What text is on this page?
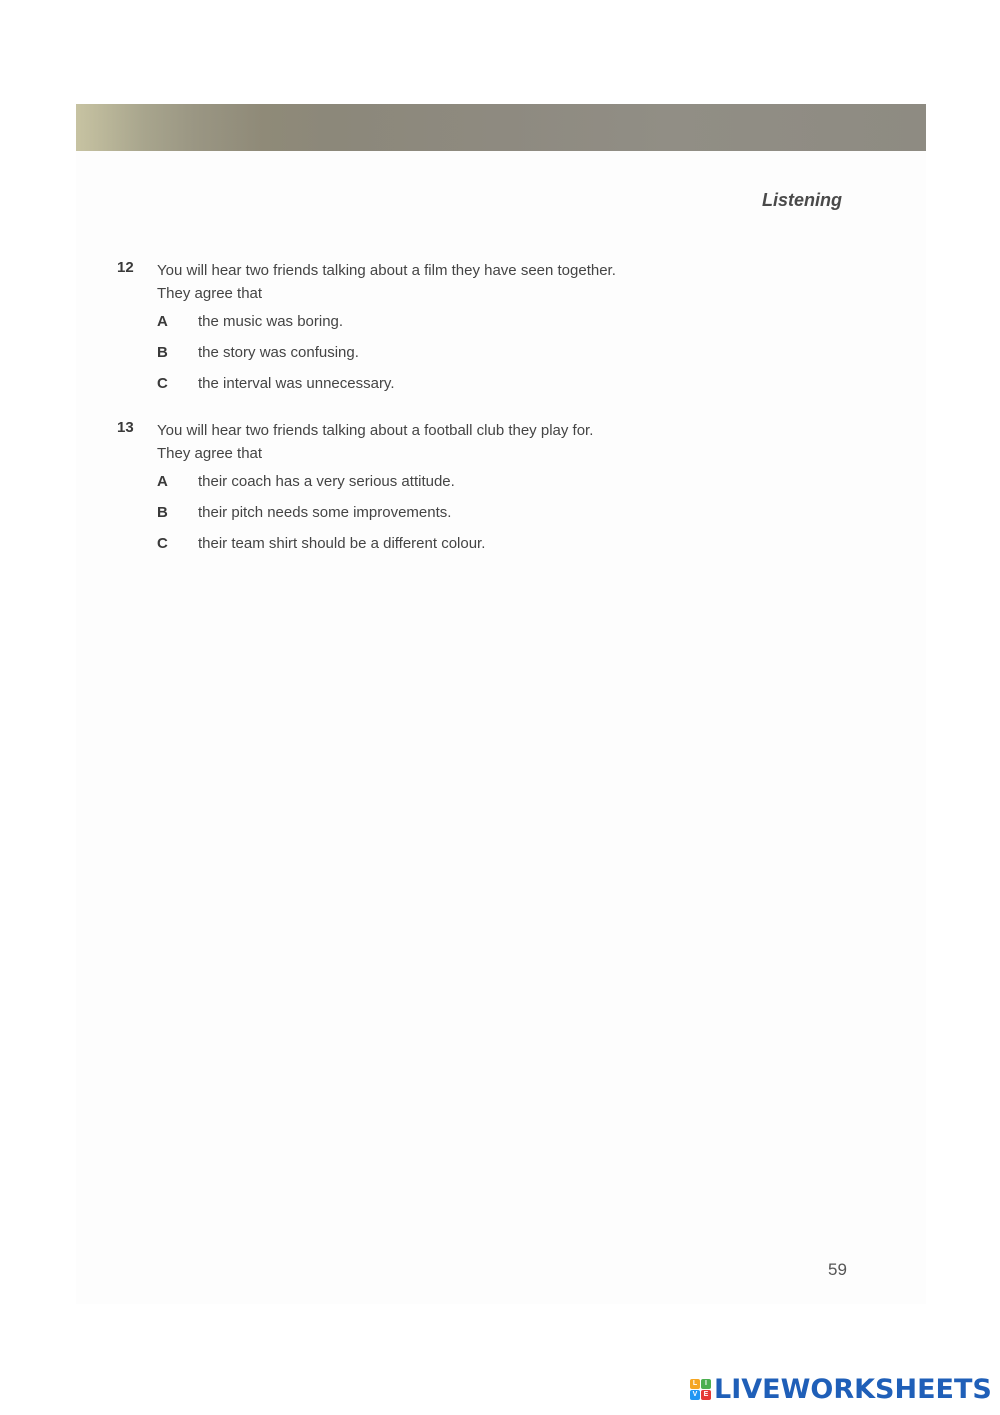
Listening
12 You will hear two friends talking about a film they have seen together.
They agree that
A	the music was boring.
B	the story was confusing.
C	the interval was unnecessary.
13 You will hear two friends talking about a football club they play for.
They agree that
A	their coach has a very serious attitude.
B	their pitch needs some improvements.
C	their team shirt should be a different colour.
59
L	I
V E LIVEWORKSHEETS
